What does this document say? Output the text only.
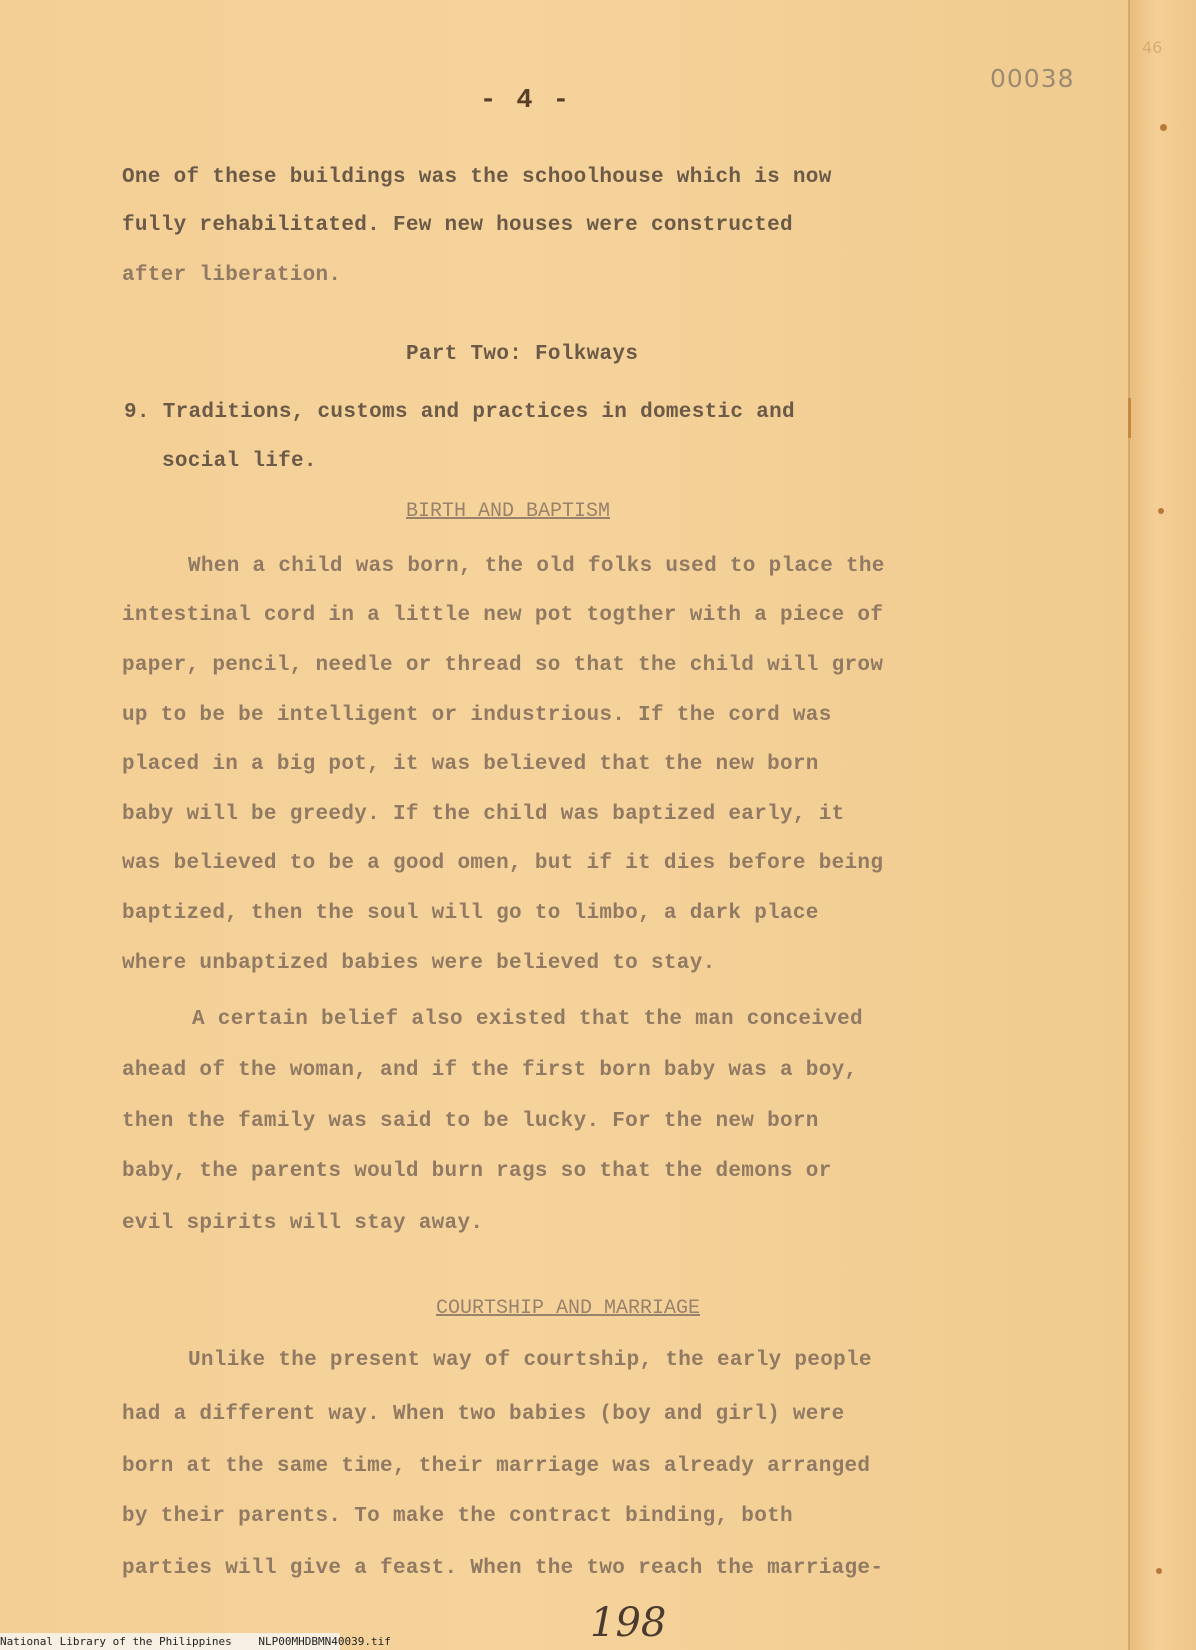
46
- 4 -
00038
One of these buildings was the schoolhouse which is now
fully rehabilitated. Few new houses were constructed
after liberation.
Part Two: Folkways
9. Traditions, customs and practices in domestic and
social life.
BIRTH AND BAPTISM
When a child was born, the old folks used to place the
intestinal cord in a little new pot togther with a piece of
paper, pencil, needle or thread so that the child will grow
up to be be intelligent or industrious. If the cord was
placed in a big pot, it was believed that the new born
baby will be greedy. If the child was baptized early, it
was believed to be a good omen, but if it dies before being
baptized, then the soul will go to limbo, a dark place
where unbaptized babies were believed to stay.
A certain belief also existed that the man conceived
ahead of the woman, and if the first born baby was a boy,
then the family was said to be lucky. For the new born
baby, the parents would burn rags so that the demons or
evil spirits will stay away.
COURTSHIP AND MARRIAGE
Unlike the present way of courtship, the early people
had a different way. When two babies (boy and girl) were
born at the same time, their marriage was already arranged
by their parents. To make the contract binding, both
parties will give a feast. When the two reach the marriage-
198
National Library of the Philippines NLP00MHDBMN40039.tif
